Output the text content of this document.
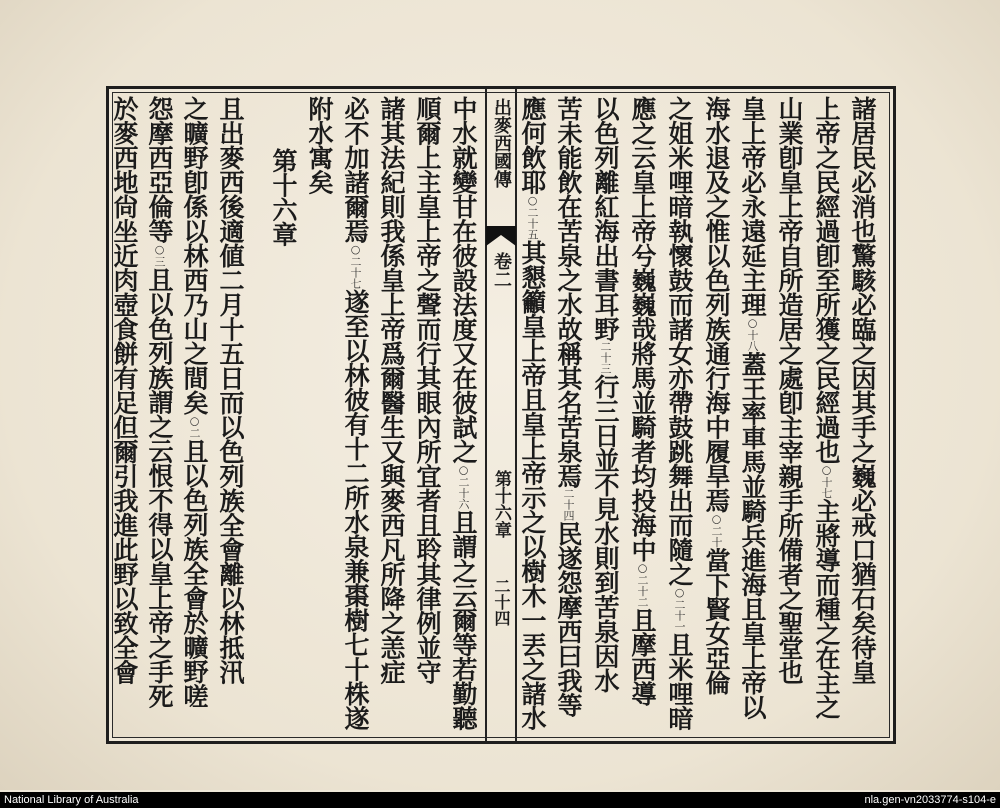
諸居民必消也驚駭必臨之因其手之巍必戒口猶石矣待皇
上帝之民經過卽至所獲之民經過也○十七主將導而種之在主之
山業卽皇上帝自所造居之處卽主宰親手所備者之聖堂也
皇上帝必永遠延主理○十八蓋王率車馬並騎兵進海且皇上帝以
海水退及之惟以色列族通行海中履旱焉○二十當下賢女亞倫
之姐米哩暗執懷鼓而諸女亦帶鼓跳舞出而隨之○二十一且米哩暗
應之云皇上帝兮巍巍哉將馬並騎者均投海中○二十二且摩西導
以色列離紅海出書耳野二十三行三日並不見水則到苦泉因水
苦未能飲在苦泉之水故稱其名苦泉焉二十四民遂怨摩西曰我等
應何飲耶○二十五其懇籲皇上帝且皇上帝示之以樹木一丟之諸水
出麥西國傳
卷二
第十六章
二十四
中水就變甘在彼設法度又在彼試之○二十六且謂之云爾等若勤聽
順爾上主皇上帝之聲而行其眼內所宜者且聆其律例並守
諸其法紀則我係皇上帝爲爾醫生又與麥西凡所降之恙症
必不加諸爾焉○二十七遂至以林彼有十二所水泉兼棗樹七十株遂
附水寓矣
第十六章
且出麥西後適値二月十五日而以色列族全會離以林抵汛
之曠野卽係以林西乃山之間矣○二且以色列族全會於曠野嗟
怨摩西亞倫等○三且以色列族謂之云恨不得以皇上帝之手死
於麥西地尙坐近肉壺食餅有足但爾引我進此野以致全會
National Library of Australia	nla.gen-vn2033774-s104-e
